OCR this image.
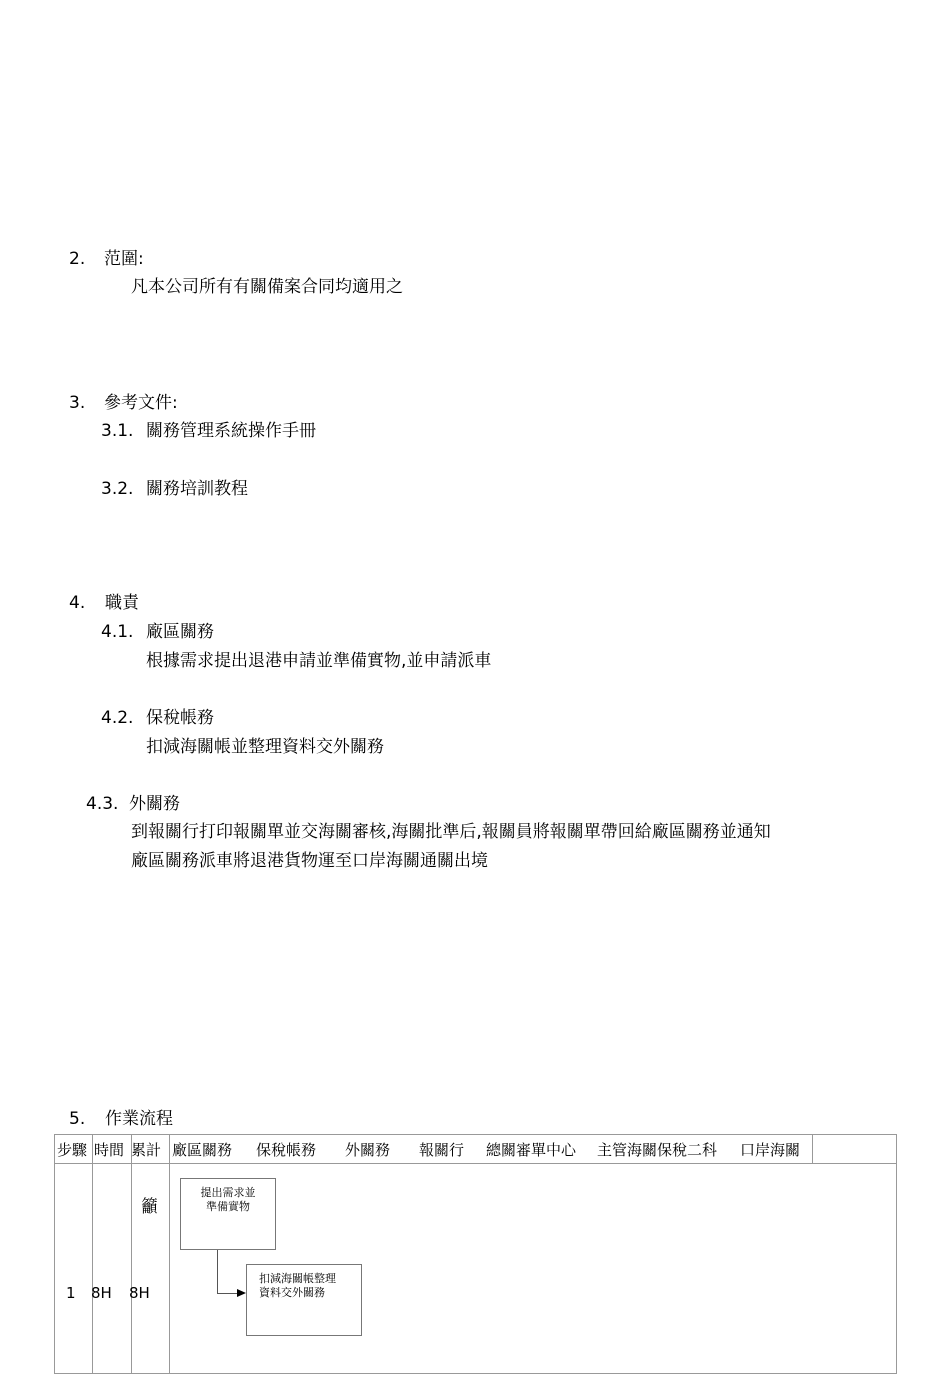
2. 范圍:
凡本公司所有有關備案合同均適用之
3. 參考文件:
3.1. 關務管理系統操作手冊
3.2. 關務培訓教程
4. 職責
4.1. 廠區關務
根據需求提出退港申請並準備實物,並申請派車
4.2. 保稅帳務
扣減海關帳並整理資料交外關務
4.3. 外關務
到報關行打印報關單並交海關審核,海關批準后,報關員將報關單帶回給廠區關務並通知
廠區關務派車將退港貨物運至口岸海關通關出境
5. 作業流程
步驟 時間 累計 廠區關務 保稅帳務 外關務 報關行 總關審單中心 主管海關保稅二科 口岸海關
籲
1 8H 8H
提出需求並
準備實物
扣減海關帳整理
資料交外關務
